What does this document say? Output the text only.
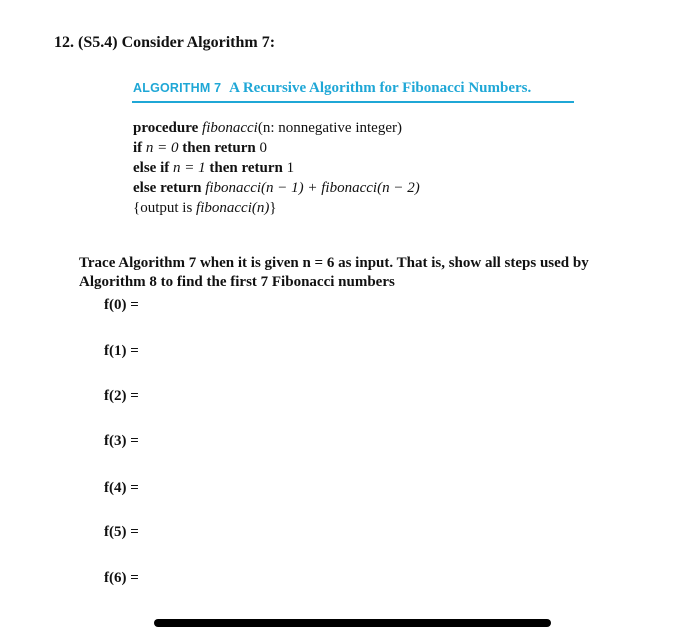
12. (S5.4) Consider Algorithm 7:
ALGORITHM 7 A Recursive Algorithm for Fibonacci Numbers.
procedure fibonacci(n: nonnegative integer)
if n = 0 then return 0
else if n = 1 then return 1
else return fibonacci(n − 1) + fibonacci(n − 2)
{output is fibonacci(n)}
Trace Algorithm 7 when it is given n = 6 as input. That is, show all steps used by
Algorithm 8 to find the first 7 Fibonacci numbers
f(0) =
f(1) =
f(2) =
f(3) =
f(4) =
f(5) =
f(6) =
